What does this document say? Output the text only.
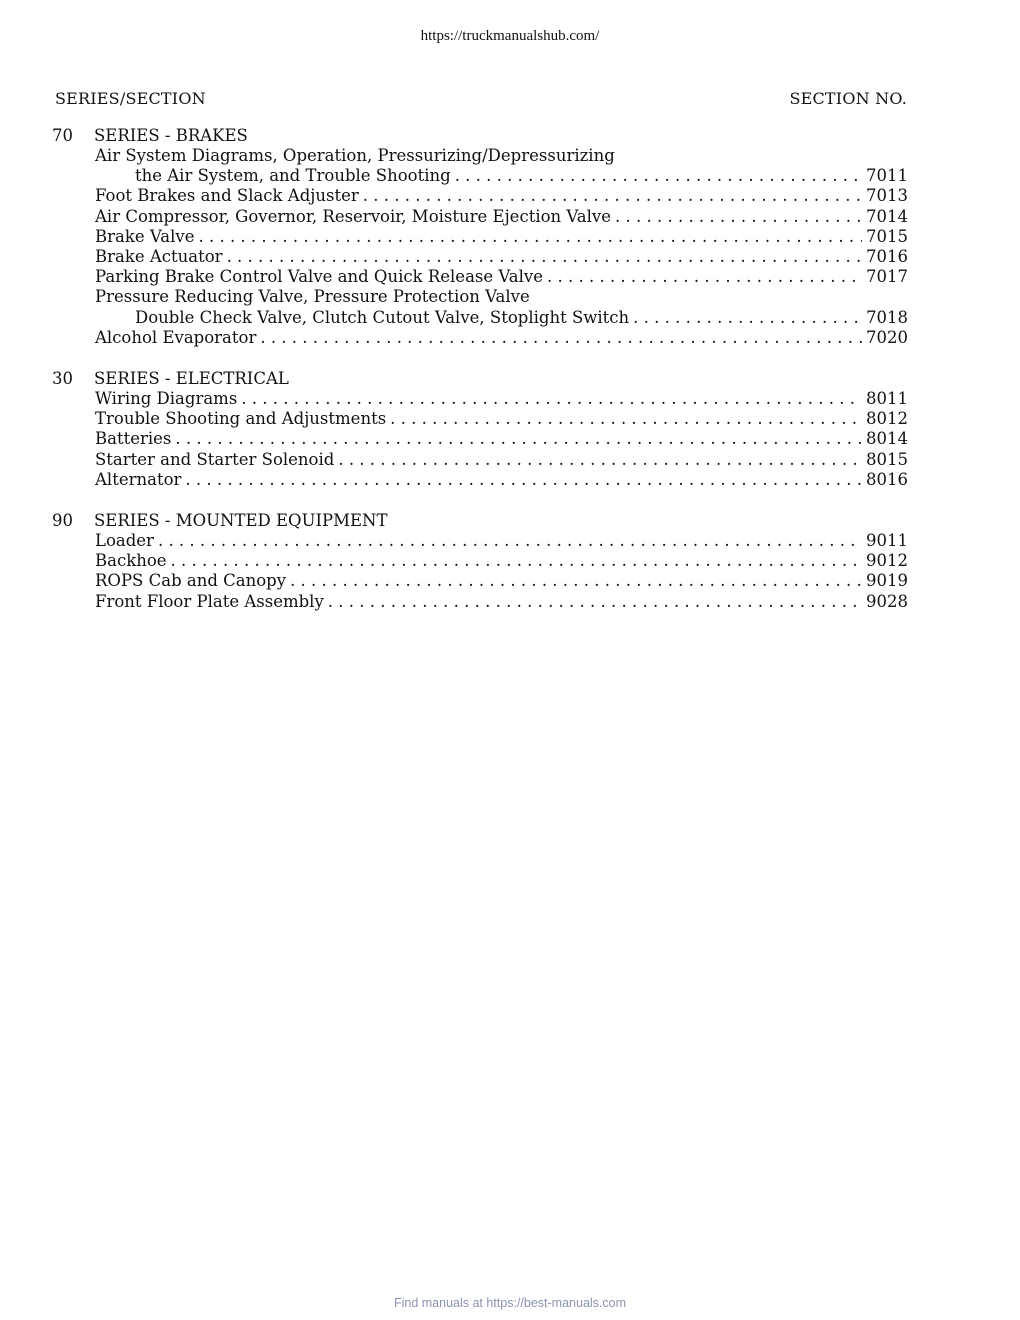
https://truckmanualshub.com/
SERIES/SECTION	SECTION NO.
70	SERIES - BRAKES
Air System Diagrams, Operation, Pressurizing/Depressurizing
the Air System, and Trouble Shooting . . .	7011
Foot Brakes and Slack Adjuster . . .	7013
Air Compressor, Governor, Reservoir, Moisture Ejection Valve . . .	7014
Brake Valve . . .	7015
Brake Actuator . . .	7016
Parking Brake Control Valve and Quick Release Valve . . .	7017
Pressure Reducing Valve, Pressure Protection Valve
Double Check Valve, Clutch Cutout Valve, Stoplight Switch . . .	7018
Alcohol Evaporator . . .	7020
30	SERIES - ELECTRICAL
Wiring Diagrams . . .	8011
Trouble Shooting and Adjustments . . .	8012
Batteries . . .	8014
Starter and Starter Solenoid . . .	8015
Alternator . . .	8016
90	SERIES - MOUNTED EQUIPMENT
Loader . . .	9011
Backhoe . . .	9012
ROPS Cab and Canopy . . .	9019
Front Floor Plate Assembly . . .	9028
Find manuals at https://best-manuals.com
